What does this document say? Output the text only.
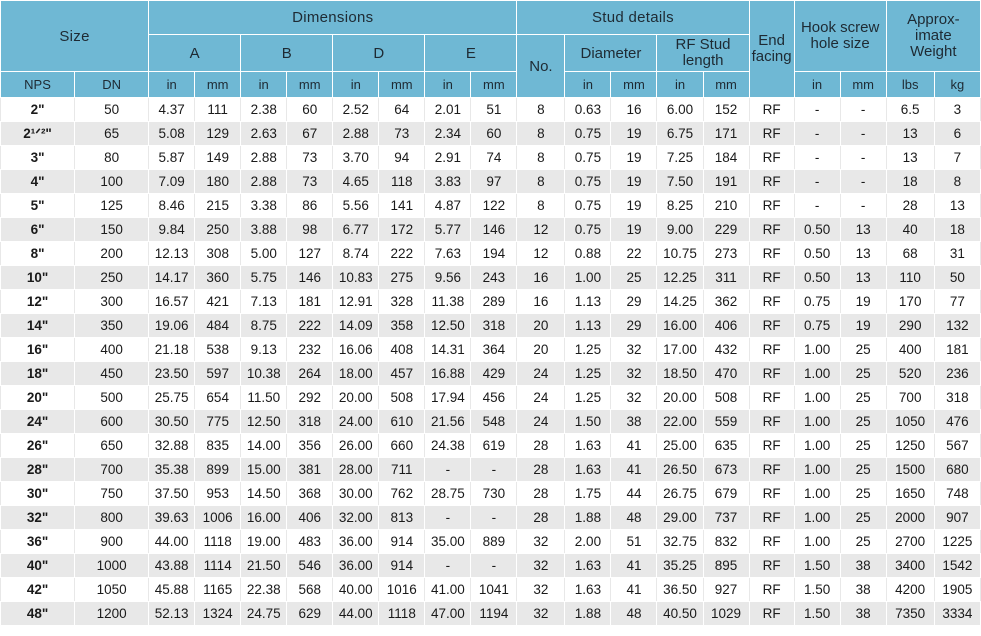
Size		Dimensions								Stud details					End
facing	Hook screw
hole size		Approx-
imate
Weight	

		A		B		D		E		No.	Diameter		RF Stud
length						

NPS	DN	in	mm	in	mm	in	mm	in	mm		in	mm	in	mm		in	mm	lbs	kg
2"	50	4.37	111	2.38	60	2.52	64	2.01	51	8	0.63	16	6.00	152	RF	-	-	6.5	3
2¹ᐟ²"	65	5.08	129	2.63	67	2.88	73	2.34	60	8	0.75	19	6.75	171	RF	-	-	13	6
3"	80	5.87	149	2.88	73	3.70	94	2.91	74	8	0.75	19	7.25	184	RF	-	-	13	7
4"	100	7.09	180	2.88	73	4.65	118	3.83	97	8	0.75	19	7.50	191	RF	-	-	18	8
5"	125	8.46	215	3.38	86	5.56	141	4.87	122	8	0.75	19	8.25	210	RF	-	-	28	13
6"	150	9.84	250	3.88	98	6.77	172	5.77	146	12	0.75	19	9.00	229	RF	0.50	13	40	18
8"	200	12.13	308	5.00	127	8.74	222	7.63	194	12	0.88	22	10.75	273	RF	0.50	13	68	31
10"	250	14.17	360	5.75	146	10.83	275	9.56	243	16	1.00	25	12.25	311	RF	0.50	13	110	50
12"	300	16.57	421	7.13	181	12.91	328	11.38	289	16	1.13	29	14.25	362	RF	0.75	19	170	77
14"	350	19.06	484	8.75	222	14.09	358	12.50	318	20	1.13	29	16.00	406	RF	0.75	19	290	132
16"	400	21.18	538	9.13	232	16.06	408	14.31	364	20	1.25	32	17.00	432	RF	1.00	25	400	181
18"	450	23.50	597	10.38	264	18.00	457	16.88	429	24	1.25	32	18.50	470	RF	1.00	25	520	236
20"	500	25.75	654	11.50	292	20.00	508	17.94	456	24	1.25	32	20.00	508	RF	1.00	25	700	318
24"	600	30.50	775	12.50	318	24.00	610	21.56	548	24	1.50	38	22.00	559	RF	1.00	25	1050	476
26"	650	32.88	835	14.00	356	26.00	660	24.38	619	28	1.63	41	25.00	635	RF	1.00	25	1250	567
28"	700	35.38	899	15.00	381	28.00	711	-	-	28	1.63	41	26.50	673	RF	1.00	25	1500	680
30"	750	37.50	953	14.50	368	30.00	762	28.75	730	28	1.75	44	26.75	679	RF	1.00	25	1650	748
32"	800	39.63	1006	16.00	406	32.00	813	-	-	28	1.88	48	29.00	737	RF	1.00	25	2000	907
36"	900	44.00	1118	19.00	483	36.00	914	35.00	889	32	2.00	51	32.75	832	RF	1.00	25	2700	1225
40"	1000	43.88	1114	21.50	546	36.00	914	-	-	32	1.63	41	35.25	895	RF	1.50	38	3400	1542
42"	1050	45.88	1165	22.38	568	40.00	1016	41.00	1041	32	1.63	41	36.50	927	RF	1.50	38	4200	1905
48"	1200	52.13	1324	24.75	629	44.00	1118	47.00	1194	32	1.88	48	40.50	1029	RF	1.50	38	7350	3334
